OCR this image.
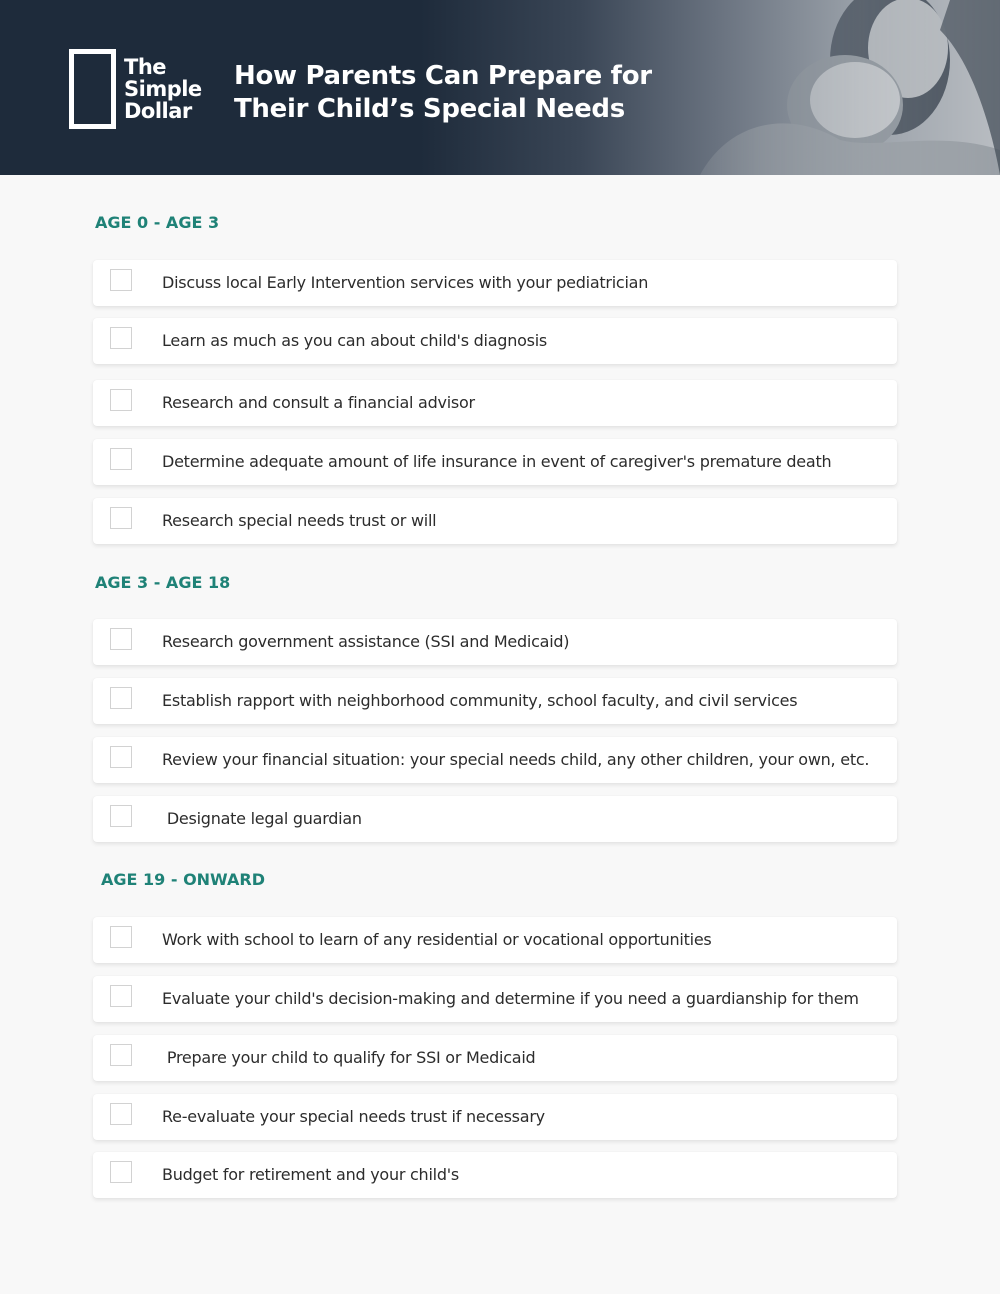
The
Simple
Dollar
How Parents Can Prepare for
Their Child’s Special Needs
AGE 0 - AGE 3
Discuss local Early Intervention services with your pediatrician
Learn as much as you can about child's diagnosis
Research and consult a financial advisor
Determine adequate amount of life insurance in event of caregiver's premature death
Research special needs trust or will
AGE 3 - AGE 18
Research government assistance (SSI and Medicaid)
Establish rapport with neighborhood community, school faculty, and civil services
Review your financial situation: your special needs child, any other children, your own, etc.
Designate legal guardian
AGE 19 - ONWARD
Work with school to learn of any residential or vocational opportunities
Evaluate your child's decision-making and determine if you need a guardianship for them
Prepare your child to qualify for SSI or Medicaid
Re-evaluate your special needs trust if necessary
Budget for retirement and your child's
